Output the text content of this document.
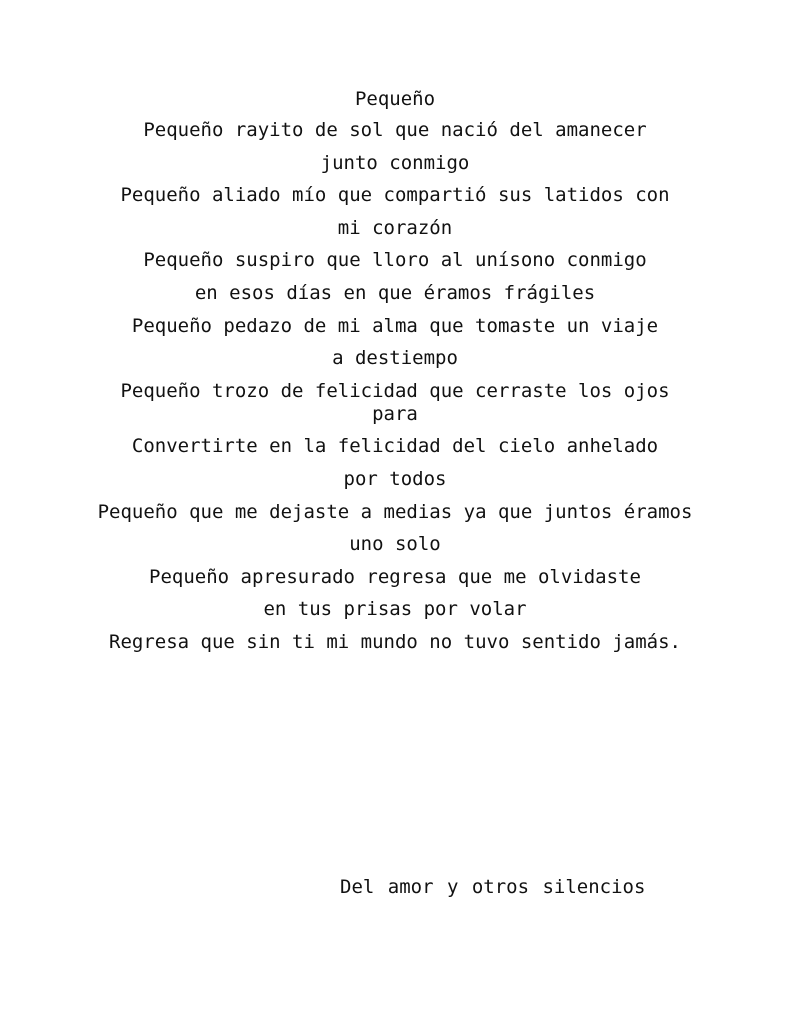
Pequeño
Pequeño rayito de sol que nació del amanecer
junto conmigo
Pequeño aliado mío que compartió sus latidos con
mi corazón
Pequeño suspiro que lloro al unísono conmigo
en esos días en que éramos frágiles
Pequeño pedazo de mi alma que tomaste un viaje
a destiempo
Pequeño trozo de felicidad que cerraste los ojos para
Convertirte en la felicidad del cielo anhelado
por todos
Pequeño que me dejaste a medias ya que juntos éramos
uno solo
Pequeño apresurado regresa que me olvidaste
en tus prisas por volar
Regresa que sin ti mi mundo no tuvo sentido jamás.
Del amor y otros silencios
